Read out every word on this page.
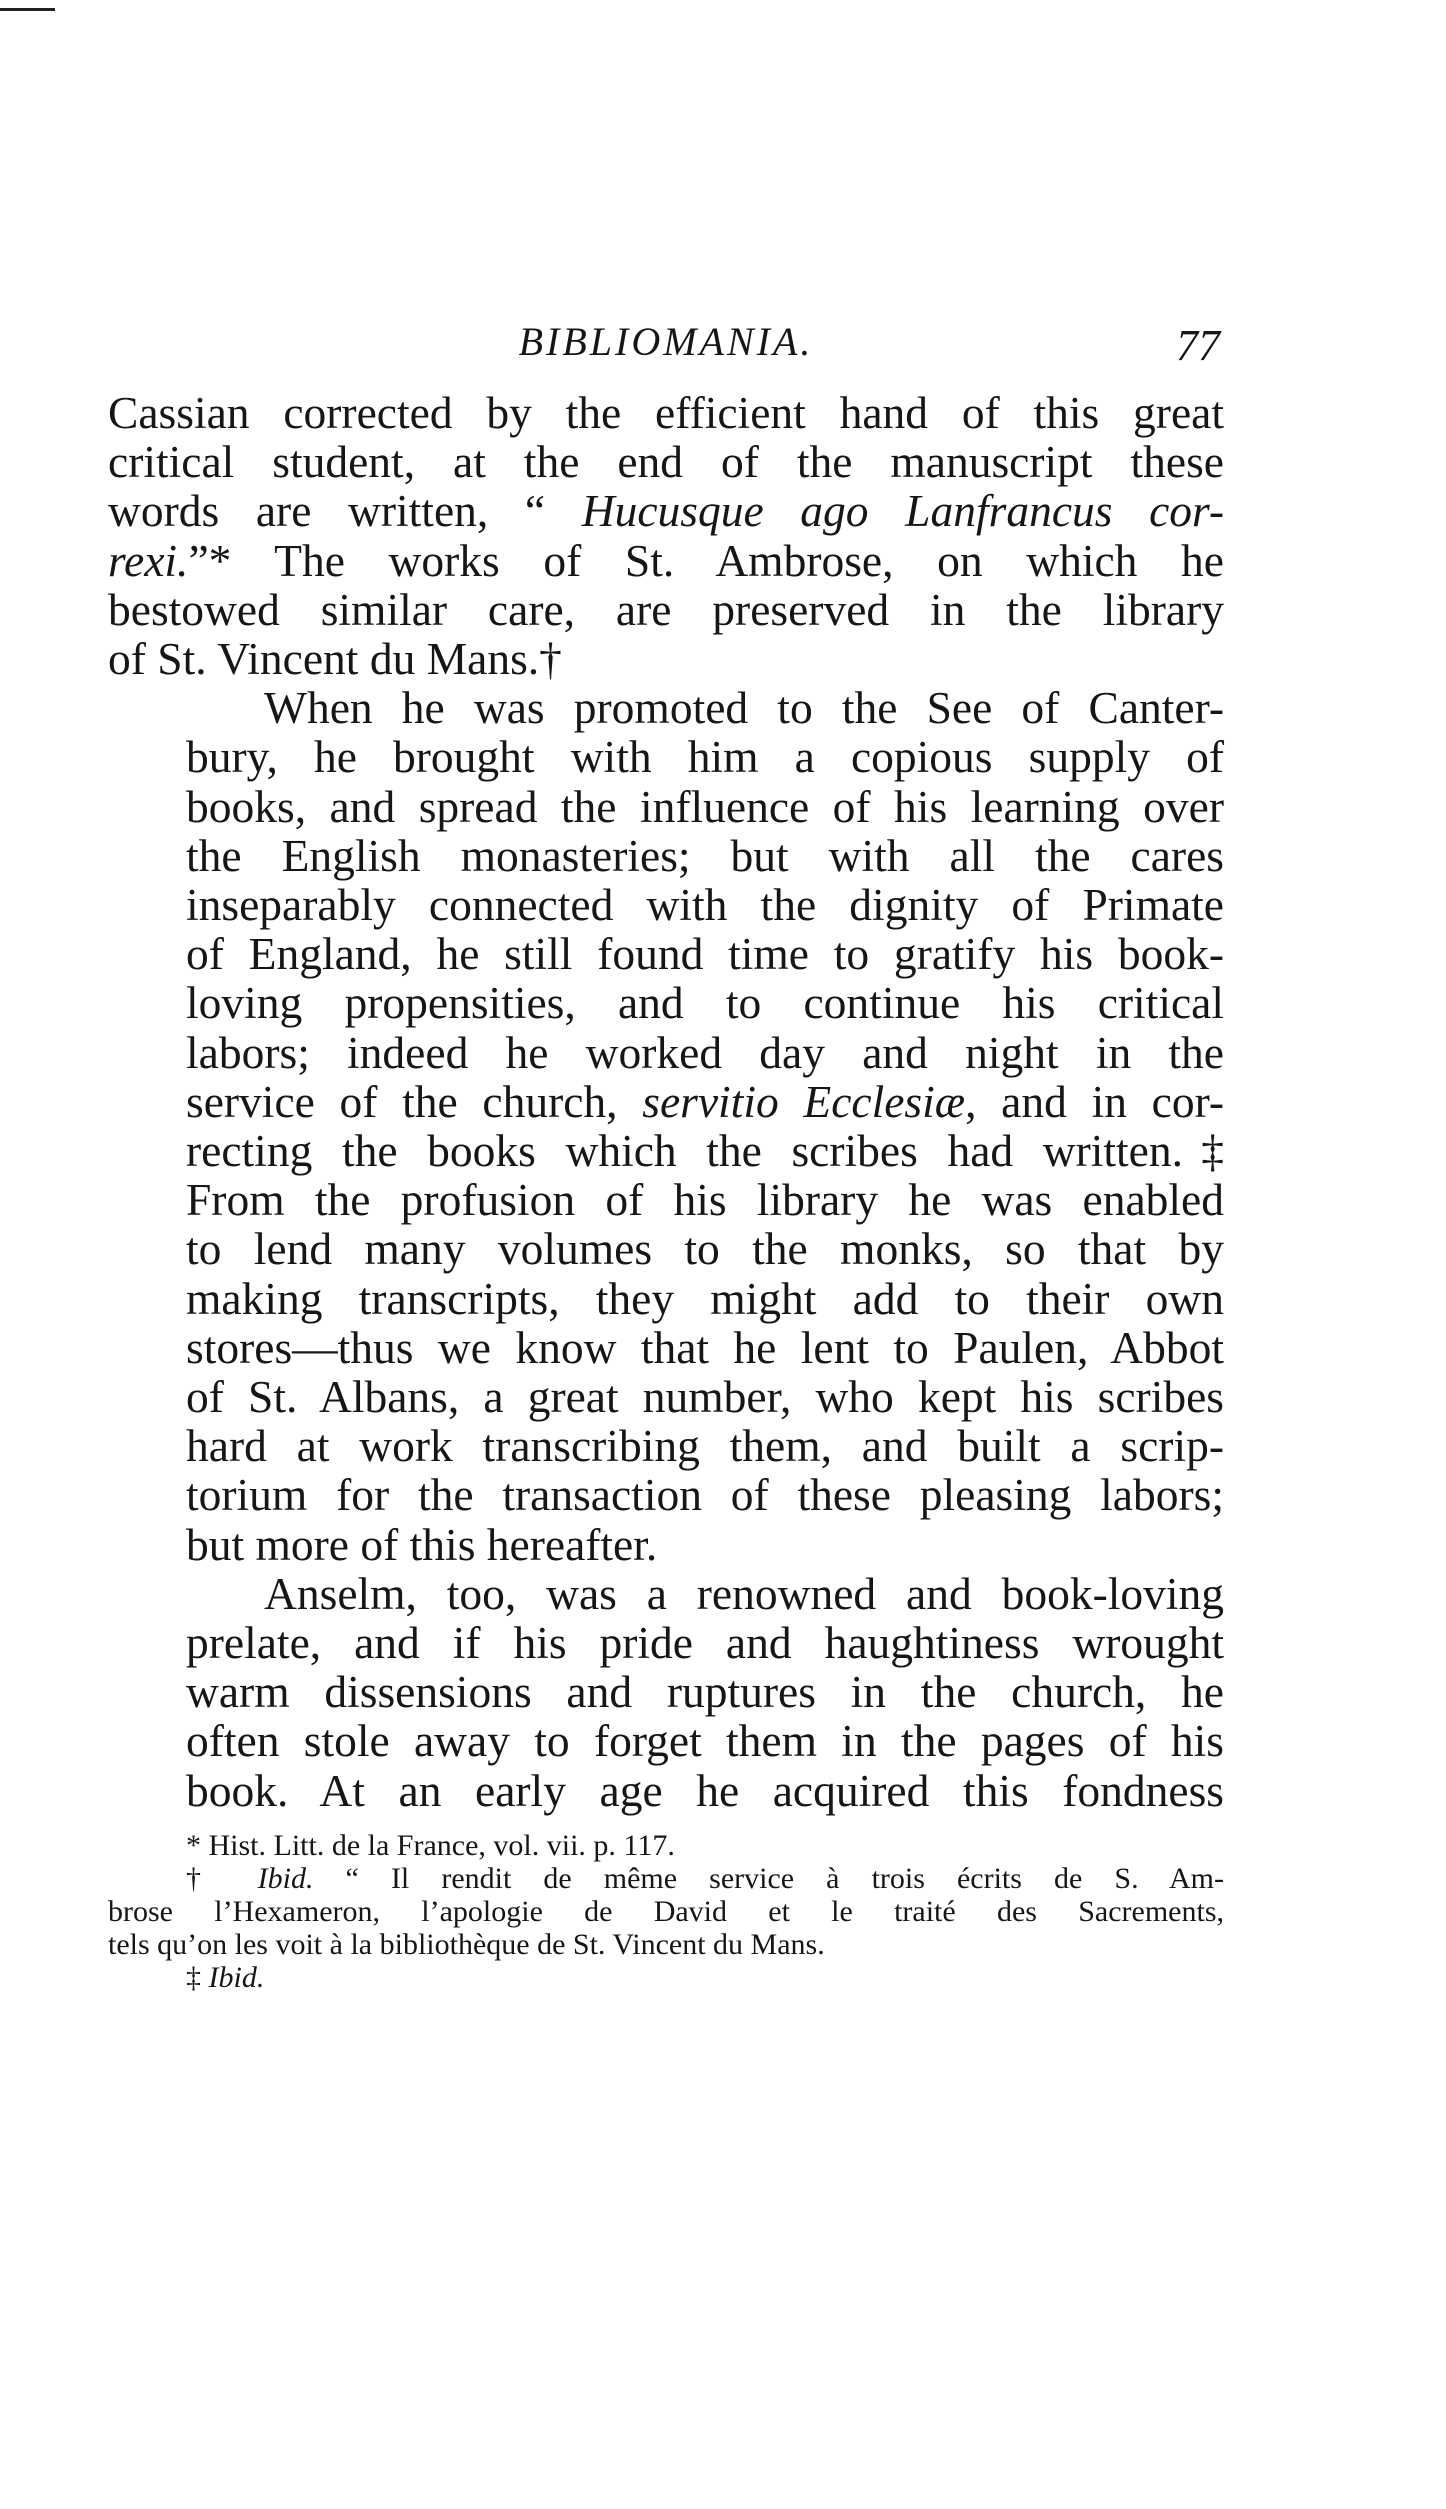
BIBLIOMANIA.	77

Cassian corrected by the efficient hand of this great
critical student, at the end of the manuscript these
words are written, “ Hucusque ago Lanfrancus cor-
rexi.”* The works of St. Ambrose, on which he
bestowed similar care, are preserved in the library
of St. Vincent du Mans.†

When he was promoted to the See of Canter-
bury, he brought with him a copious supply of
books, and spread the influence of his learning over
the English monasteries; but with all the cares
inseparably connected with the dignity of Primate
of England, he still found time to gratify his book-
loving propensities, and to continue his critical
labors; indeed he worked day and night in the
service of the church, servitio Ecclesiæ, and in cor-
recting the books which the scribes had written.‡
From the profusion of his library he was enabled
to lend many volumes to the monks, so that by
making transcripts, they might add to their own
stores—thus we know that he lent to Paulen, Abbot
of St. Albans, a great number, who kept his scribes
hard at work transcribing them, and built a scrip-
torium for the transaction of these pleasing labors;
but more of this hereafter.

Anselm, too, was a renowned and book-loving
prelate, and if his pride and haughtiness wrought
warm dissensions and ruptures in the church, he
often stole away to forget them in the pages of his
book. At an early age he acquired this fondness

* Hist. Litt. de la France, vol. vii. p. 117.
† Ibid. “ Il rendit de même service à trois écrits de S. Am-
brose l’Hexameron, l’apologie de David et le traité des Sacrements,
tels qu’on les voit à la bibliothèque de St. Vincent du Mans.
‡ Ibid.
